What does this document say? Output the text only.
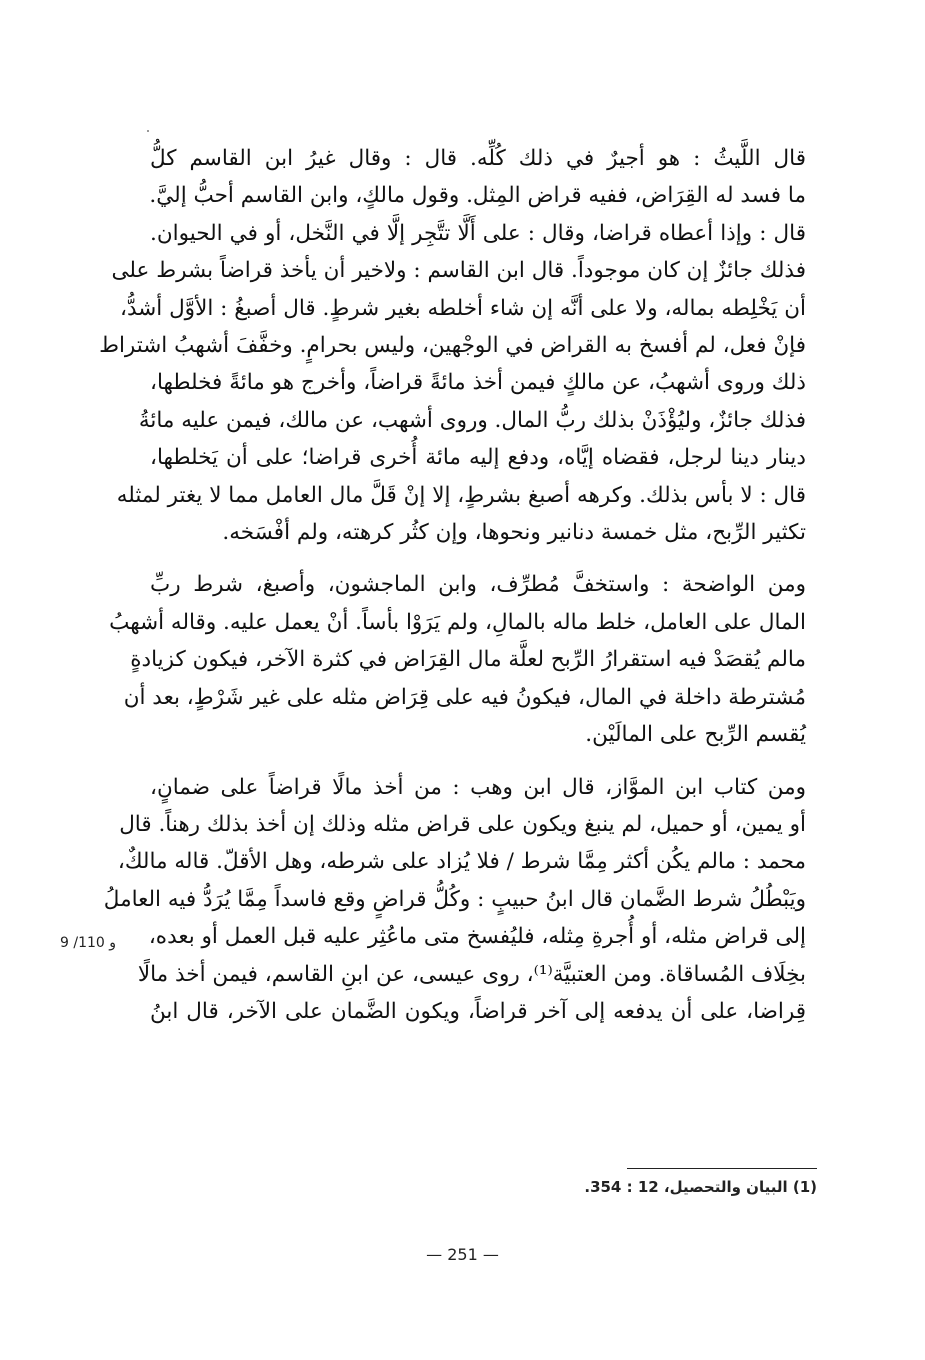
قال اللَّيثُ : هو أجيرٌ في ذلك كُلِّه. قال : وقال غيرُ ابن القاسم كلُّ
ما فسد له القِرَاض، ففيه قراض المِثل. وقول مالكٍ، وابن القاسم أحبُّ إليَّ.
قال : وإذا أعطاه قراضا، وقال : على أَلَّا تتَّجِر إلَّا في النَّخل، أو في الحيوان.
فذلك جائزٌ إن كان موجوداً. قال ابن القاسم : ولاخير أن يأخذ قراضاً بشرط على
أن يَخْلِطه بماله، ولا على أنَّه إن شاء أخلطه بغير شرطٍ. قال أصبغُ : الأوَّل أشدُّ،
فإنْ فعل، لم أفسخ به القراض في الوجْهين، وليس بحرامٍ. وخفَّفَ أشهبُ اشتراط
ذلك وروى أشهبُ، عن مالكٍ فيمن أخذ مائةً قراضاً، وأخرج هو مائةً فخلطها،
فذلك جائزٌ، وليُؤْذَنْ بذلك ربُّ المال. وروى أشهب، عن مالك، فيمن عليه مائةُ
دينار دينا لرجل، فقضاه إيَّاه، ودفع إليه مائة أُخرى قراضا؛ على أن يَخلطها،
قال : لا بأس بذلك. وكرهه أصبغ بشرطٍ، إلا إنْ قَلَّ مال العامل مما لا يغتر لمثله
تكثير الرِّبح، مثل خمسة دنانير ونحوها، وإن كثُر كرهته، ولم أفْسَخه.

ومن الواضحة : واستخفَّ مُطرِّف، وابن الماجشون، وأصبغ، شرط ربِّ
المال على العامل، خلط ماله بالمالِ، ولم يَرَوْا بأساً. أنْ يعمل عليه. وقاله أشهبُ
مالم يُقصَدْ فيه استقرارُ الرِّبح لعلَّة مال القِرَاض في كثرة الآخر، فيكون كزيادةٍ
مُشترطة داخلة في المال، فيكونُ فيه على قِرَاض مثله على غير شَرْطٍ، بعد أن
يُقسم الرِّبح على المالَيْن.

ومن كتاب ابن الموَّاز، قال ابن وهب : من أخذ مالًا قراضاً على ضمانٍ،
أو يمين، أو حميل، لم ينبغ ويكون على قراض مثله وذلك إن أخذ بذلك رهناً. قال
محمد : مالم يكُن أكثر مِمَّا شرط / فلا يُزاد على شرطه، وهل الأقلّ. قاله مالكٌ،
ويَبْطُلُ شرط الضَّمان قال ابنُ حبيبٍ : وكُلُّ قراضٍ وقع فاسداً مِمَّا يُرَدُّ فيه العاملُ
إلى قراض مثله، أو أُجرةِ مِثله، فليُفسخ متى ماعُثِر عليه قبل العمل أو بعده،
بخِلَاف المُساقاة. ومن العتبيَّة⁽¹⁾، روى عيسى، عن ابنِ القاسم، فيمن أخذ مالًا
قِراضا، على أن يدفعه إلى آخر قراضاً، ويكون الضَّمان على الآخر، قال ابنُ

9 /110 و
(1) البيان والتحصيل، 12 : 354.
— 251 —
